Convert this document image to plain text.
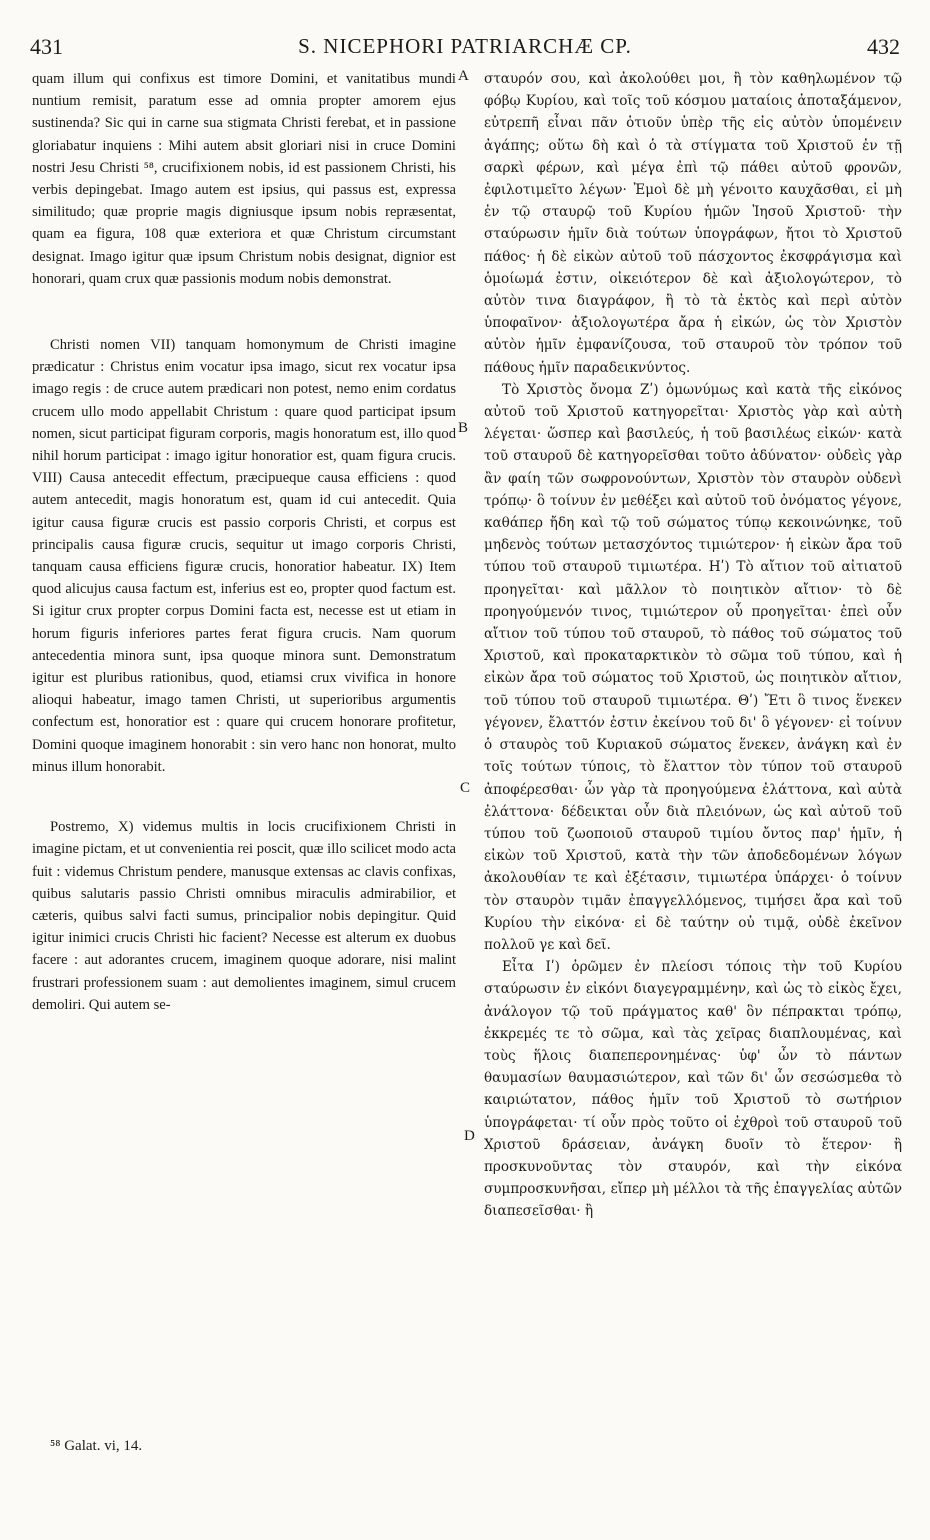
431	S. NICEPHORI PATRIARCHÆ CP.	432
A
B
C
D

quam illum qui confixus est timore Domini, et vanitatibus mundi nuntium remisit, paratum esse ad omnia propter amorem ejus sustinenda? Sic qui in carne sua stigmata Christi ferebat, et in passione gloriabatur inquiens : Mihi autem absit gloriari nisi in cruce Domini nostri Jesu Christi ⁵⁸, crucifixionem nobis, id est passionem Christi, his verbis depingebat. Imago autem est ipsius, qui passus est, expressa similitudo; quæ proprie magis digniusque ipsum nobis repræsentat, quam ea figura, 108 quæ exteriora et quæ Christum circumstant designat. Imago igitur quæ ipsum Christum nobis designat, dignior est honorari, quam crux quæ passionis modum nobis demonstrat.

Christi nomen VII) tanquam homonymum de Christi imagine prædicatur : Christus enim vocatur ipsa imago, sicut rex vocatur ipsa imago regis : de cruce autem prædicari non potest, nemo enim cordatus crucem ullo modo appellabit Christum : quare quod participat ipsum nomen, sicut participat figuram corporis, magis honoratum est, illo quod nihil horum participat : imago igitur honoratior est, quam figura crucis. VIII) Causa antecedit effectum, præcipueque causa efficiens : quod autem antecedit, magis honoratum est, quam id cui antecedit. Quia igitur causa figuræ crucis est passio corporis Christi, et corpus est principalis causa figuræ crucis, sequitur ut imago corporis Christi, tanquam causa efficiens figuræ crucis, honoratior habeatur. IX) Item quod alicujus causa factum est, inferius est eo, propter quod factum est. Si igitur crux propter corpus Domini facta est, necesse est ut etiam in horum figuris inferiores partes ferat figura crucis. Nam quorum antecedentia minora sunt, ipsa quoque minora sunt. Demonstratum igitur est pluribus rationibus, quod, etiamsi crux vivifica in honore alioqui habeatur, imago tamen Christi, ut superioribus argumentis confectum est, honoratior est : quare qui crucem honorare profitetur, Domini quoque imaginem honorabit : sin vero hanc non honorat, multo minus illum honorabit.

Postremo, X) videmus multis in locis crucifixionem Christi in imagine pictam, et ut convenientia rei poscit, quæ illo scilicet modo acta fuit : videmus Christum pendere, manusque extensas ac clavis confixas, quibus salutaris passio Christi omnibus miraculis admirabilior, et cæteris, quibus salvi facti sumus, principalior nobis depingitur. Quid igitur inimici crucis Christi hic facient? Necesse est alterum ex duobus facere : aut adorantes crucem, imaginem quoque adorare, nisi malint frustrari professionem suam : aut demolientes imaginem, simul crucem demoliri. Qui autem se-

σταυρόν σου, καὶ ἀκολούθει μοι, ἢ τὸν καθηλωμένον τῷ φόβῳ Κυρίου, καὶ τοῖς τοῦ κόσμου ματαίοις ἀποταξάμενον, εὐτρεπῆ εἶναι πᾶν ὁτιοῦν ὑπὲρ τῆς εἰς αὐτὸν ὑπομένειν ἀγάπης; οὕτω δὴ καὶ ὁ τὰ στίγματα τοῦ Χριστοῦ ἐν τῇ σαρκὶ φέρων, καὶ μέγα ἐπὶ τῷ πάθει αὐτοῦ φρονῶν, ἐφιλοτιμεῖτο λέγων· Ἐμοὶ δὲ μὴ γένοιτο καυχᾶσθαι, εἰ μὴ ἐν τῷ σταυρῷ τοῦ Κυρίου ἡμῶν Ἰησοῦ Χριστοῦ· τὴν σταύρωσιν ἡμῖν διὰ τούτων ὑπογράφων, ἤτοι τὸ Χριστοῦ πάθος· ἡ δὲ εἰκὼν αὐτοῦ τοῦ πάσχοντος ἐκσφράγισμα καὶ ὁμοίωμά ἐστιν, οἰκειότερον δὲ καὶ ἀξιολογώτερον, τὸ αὐτὸν τινα διαγράφον, ἢ τὸ τὰ ἐκτὸς καὶ περὶ αὐτὸν ὑποφαῖνον· ἀξιολογωτέρα ἄρα ἡ εἰκών, ὡς τὸν Χριστὸν αὐτὸν ἡμῖν ἐμφανίζουσα, τοῦ σταυροῦ τὸν τρόπον τοῦ πάθους ἡμῖν παραδεικνύντος.

Τὸ Χριστὸς ὄνομα Ζʹ) ὁμωνύμως καὶ κατὰ τῆς εἰκόνος αὐτοῦ τοῦ Χριστοῦ κατηγορεῖται· Χριστὸς γὰρ καὶ αὐτὴ λέγεται· ὥσπερ καὶ βασιλεύς, ἡ τοῦ βασιλέως εἰκών· κατὰ τοῦ σταυροῦ δὲ κατηγορεῖσθαι τοῦτο ἀδύνατον· οὐδεὶς γὰρ ἂν φαίη τῶν σωφρονούντων, Χριστὸν τὸν σταυρὸν οὐδενὶ τρόπῳ· ὃ τοίνυν ἐν μεθέξει καὶ αὐτοῦ τοῦ ὀνόματος γέγονε, καθάπερ ἤδη καὶ τῷ τοῦ σώματος τύπῳ κεκοινώνηκε, τοῦ μηδενὸς τούτων μετασχόντος τιμιώτερον· ἡ εἰκὼν ἄρα τοῦ τύπου τοῦ σταυροῦ τιμιωτέρα. Ηʹ) Τὸ αἴτιον τοῦ αἰτιατοῦ προηγεῖται· καὶ μᾶλλον τὸ ποιητικὸν αἴτιον· τὸ δὲ προηγούμενόν τινος, τιμιώτερον οὗ προηγεῖται· ἐπεὶ οὖν αἴτιον τοῦ τύπου τοῦ σταυροῦ, τὸ πάθος τοῦ σώματος τοῦ Χριστοῦ, καὶ προκαταρκτικὸν τὸ σῶμα τοῦ τύπου, καὶ ἡ εἰκὼν ἄρα τοῦ σώματος τοῦ Χριστοῦ, ὡς ποιητικὸν αἴτιον, τοῦ τύπου τοῦ σταυροῦ τιμιωτέρα. Θʹ) Ἔτι ὃ τινος ἕνεκεν γέγονεν, ἔλαττόν ἐστιν ἐκείνου τοῦ δι' ὃ γέγονεν· εἰ τοίνυν ὁ σταυρὸς τοῦ Κυριακοῦ σώματος ἕνεκεν, ἀνάγκη καὶ ἐν τοῖς τούτων τύποις, τὸ ἔλαττον τὸν τύπον τοῦ σταυροῦ ἀποφέρεσθαι· ὧν γὰρ τὰ προηγούμενα ἐλάττονα, καὶ αὐτὰ ἐλάττονα· δέδεικται οὖν διὰ πλειόνων, ὡς καὶ αὐτοῦ τοῦ τύπου τοῦ ζωοποιοῦ σταυροῦ τιμίου ὄντος παρ' ἡμῖν, ἡ εἰκὼν τοῦ Χριστοῦ, κατὰ τὴν τῶν ἀποδεδομένων λόγων ἀκολουθίαν τε καὶ ἐξέτασιν, τιμιωτέρα ὑπάρχει· ὁ τοίνυν τὸν σταυρὸν τιμᾶν ἐπαγγελλόμενος, τιμήσει ἄρα καὶ τοῦ Κυρίου τὴν εἰκόνα· εἰ δὲ ταύτην οὐ τιμᾷ, οὐδὲ ἐκεῖνον πολλοῦ γε καὶ δεῖ.

Εἶτα Ιʹ) ὁρῶμεν ἐν πλείοσι τόποις τὴν τοῦ Κυρίου σταύρωσιν ἐν εἰκόνι διαγεγραμμένην, καὶ ὡς τὸ εἰκὸς ἔχει, ἀνάλογον τῷ τοῦ πράγματος καθ' ὃν πέπρακται τρόπῳ, ἐκκρεμές τε τὸ σῶμα, καὶ τὰς χεῖρας διαπλουμένας, καὶ τοὺς ἥλοις διαπεπερονημένας· ὑφ' ὧν τὸ πάντων θαυμασίων θαυμασιώτερον, καὶ τῶν δι' ὧν σεσώσμεθα τὸ καιριώτατον, πάθος ἡμῖν τοῦ Χριστοῦ τὸ σωτήριον ὑπογράφεται· τί οὖν πρὸς τοῦτο οἱ ἐχθροὶ τοῦ σταυροῦ τοῦ Χριστοῦ δράσειαν, ἀνάγκη δυοῖν τὸ ἕτερον· ἢ προσκυνοῦντας τὸν σταυρόν, καὶ τὴν εἰκόνα συμπροσκυνῆσαι, εἴπερ μὴ μέλλοι τὰ τῆς ἐπαγγελίας αὐτῶν διαπεσεῖσθαι· ἢ

⁵⁸ Galat. vi, 14.
